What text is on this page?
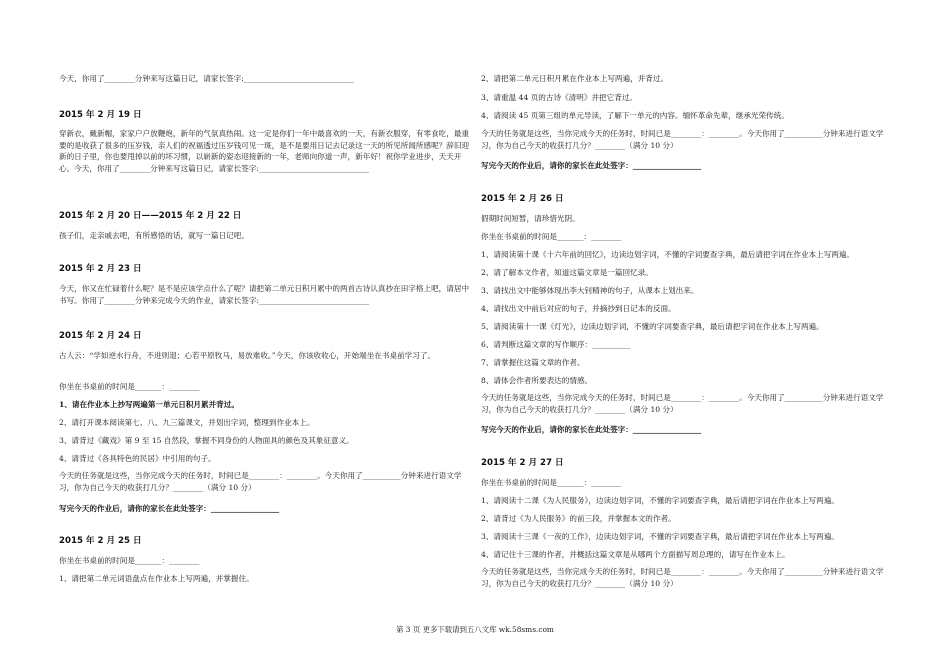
今天，你用了________分钟来写这篇日记，请家长签字:_____________________________
2015 年 2 月 19 日
穿新衣，戴新帽，家家户户放鞭炮，新年的气氛真热闹。这一定是你们一年中最喜欢的一天，有新衣服穿，有零食吃，最重要的是收获了很多的压岁钱，亲人们的祝福透过压岁钱可见一斑，是不是要用日记去记录这一天的所见所闻所感呢？辞旧迎新的日子里，你也要甩掉以前的坏习惯，以崭新的姿态迎接新的一年，老师向你道一声，新年好！祝你学业进步，天天开心。今天，你用了________分钟来写这篇日记，请家长签字:_____________________________
2015 年 2 月 20 日——2015 年 2 月 22 日
孩子们，走亲戚去吧，有所感悟的话，就写一篇日记吧。
2015 年 2 月 23 日
今天，你又在忙碌着什么呢？是不是应该学点什么了呢？请把第二单元日积月累中的两首古诗认真抄在田字格上吧，请居中书写。你用了________分钟来完成今天的作业，请家长签字:_____________________________
2015 年 2 月 24 日
古人云：“学如逆水行舟，不进则退；心若平原牧马，易放难收。”今天，你该收收心，开始端坐在书桌前学习了。
你坐在书桌前的时间是_______：________
1、请在作业本上抄写两遍第一单元日积月累并背过。
2、请打开课本阅读第七、八、九三篇课文，并划出字词，整理到作业本上。
3、请背过《藏戏》第 9 至 15 自然段，掌握不同身份的人物面具的颜色及其象征意义。
4、请背过《各具特色的民居》中引用的句子。
今天的任务就是这些，当你完成今天的任务时，时间已是________：________。今天你用了__________分钟来进行语文学习，你为自己今天的收获打几分？________（满分 10 分）
写完今天的作业后，请你的家长在此处签字：__________________
2015 年 2 月 25 日
你坐在书桌前的时间是_______：________
1、请把第二单元词语盘点在作业本上写两遍，并掌握住。
2、请把第二单元日积月累在作业本上写两遍，并背过。
3、请重温 44 页的古诗《清明》并把它背过。
4、请阅读 45 页第三组的单元导读，了解下一单元的内容。缅怀革命先辈，继承光荣传统。
今天的任务就是这些，当你完成今天的任务时，时间已是________：________。今天你用了__________分钟来进行语文学习，你为自己今天的收获打几分？________（满分 10 分）
写完今天的作业后，请你的家长在此处签字：__________________
2015 年 2 月 26 日
假期时间短暂，请珍惜光阴。
你坐在书桌前的时间是_______：________
1、请阅读第十课《十六年前的回忆》，边读边划字词，不懂的字词要查字典，最后请把字词在作业本上写两遍。
2、请了解本文作者，知道这篇文章是一篇回忆录。
3、请找出文中能够体现出李大钊精神的句子，从课本上划出来。
4、请找出文中前后对应的句子，并摘抄到日记本的反面。
5、请阅读第十一课《灯光》，边读边划字词，不懂的字词要查字典，最后请把字词在作业本上写两遍。
6、请判断这篇文章的写作顺序：__________
7、请掌握住这篇文章的作者。
8、请体会作者所要表达的情感。
今天的任务就是这些，当你完成今天的任务时，时间已是________：________。今天你用了__________分钟来进行语文学习，你为自己今天的收获打几分？________（满分 10 分）
写完今天的作业后，请你的家长在此处签字：__________________
2015 年 2 月 27 日
你坐在书桌前的时间是_______：________
1、请阅读十二课《为人民服务》，边读边划字词，不懂的字词要查字典，最后请把字词在作业本上写两遍。
2、请背过《为人民服务》的前三段，并掌握本文的作者。
3、请阅读十三课《一夜的工作》，边读边划字词，不懂的字词要查字典，最后请把字词在作业本上写两遍。
4、请记住十三课的作者，并概括这篇文章是从哪两个方面描写周总理的，请写在作业本上。
今天的任务就是这些，当你完成今天的任务时，时间已是________：________。今天你用了__________分钟来进行语文学习，你为自己今天的收获打几分？________（满分 10 分）
第 3 页 更多下载请到五八文库 wk.58sms.com
